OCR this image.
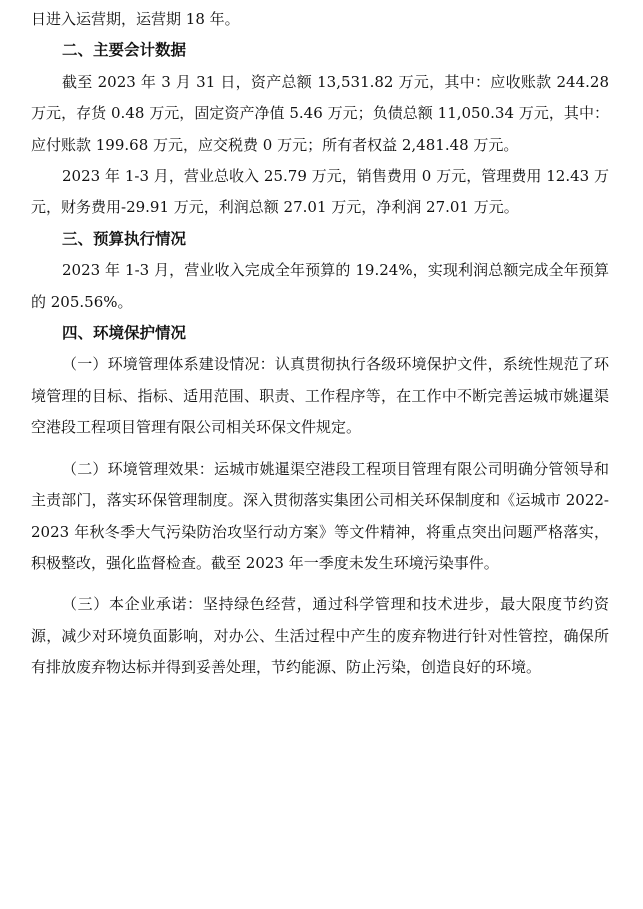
日进入运营期，运营期 18 年。

二、主要会计数据

截至 2023 年 3 月 31 日，资产总额 13,531.82 万元，其中：应收账款 244.28 万元，存货 0.48 万元，固定资产净值 5.46 万元；负债总额 11,050.34 万元，其中：应付账款 199.68 万元，应交税费 0 万元；所有者权益 2,481.48 万元。

2023 年 1-3 月，营业总收入 25.79 万元，销售费用 0 万元，管理费用 12.43 万元，财务费用-29.91 万元，利润总额 27.01 万元，净利润 27.01 万元。

三、预算执行情况

2023 年 1-3 月，营业收入完成全年预算的 19.24%，实现利润总额完成全年预算的 205.56%。

四、环境保护情况

（一）环境管理体系建设情况：认真贯彻执行各级环境保护文件，系统性规范了环境管理的目标、指标、适用范围、职责、工作程序等，在工作中不断完善运城市姚暹渠空港段工程项目管理有限公司相关环保文件规定。

（二）环境管理效果：运城市姚暹渠空港段工程项目管理有限公司明确分管领导和主责部门，落实环保管理制度。深入贯彻落实集团公司相关环保制度和《运城市 2022-2023 年秋冬季大气污染防治攻坚行动方案》等文件精神，将重点突出问题严格落实，积极整改，强化监督检查。截至 2023 年一季度未发生环境污染事件。

（三）本企业承诺：坚持绿色经营，通过科学管理和技术进步，最大限度节约资源，减少对环境负面影响，对办公、生活过程中产生的废弃物进行针对性管控，确保所有排放废弃物达标并得到妥善处理，节约能源、防止污染，创造良好的环境。
